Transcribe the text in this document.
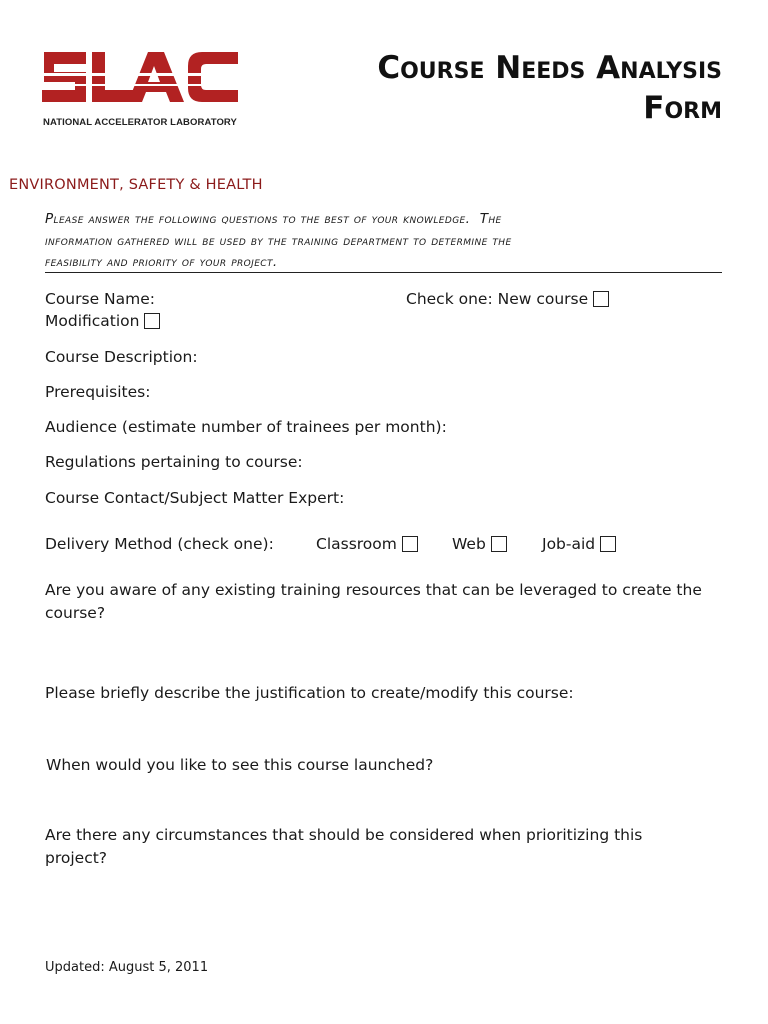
NATIONAL ACCELERATOR LABORATORY
Course Needs Analysis
Form
ENVIRONMENT, SAFETY & HEALTH
Please answer the following questions to the best of your knowledge.  The
information gathered will be used by the training department to determine the
feasibility and priority of your project.
Course Name:	Check one: New course
Modification
Course Description:
Prerequisites:
Audience (estimate number of trainees per month):
Regulations pertaining to course:
Course Contact/Subject Matter Expert:
Delivery Method (check one):	Classroom	Web	Job-aid
Are you aware of any existing training resources that can be leveraged to create the course?
Please briefly describe the justification to create/modify this course:
When would you like to see this course launched?
Are there any circumstances that should be considered when prioritizing this project?
Updated: August 5, 2011
